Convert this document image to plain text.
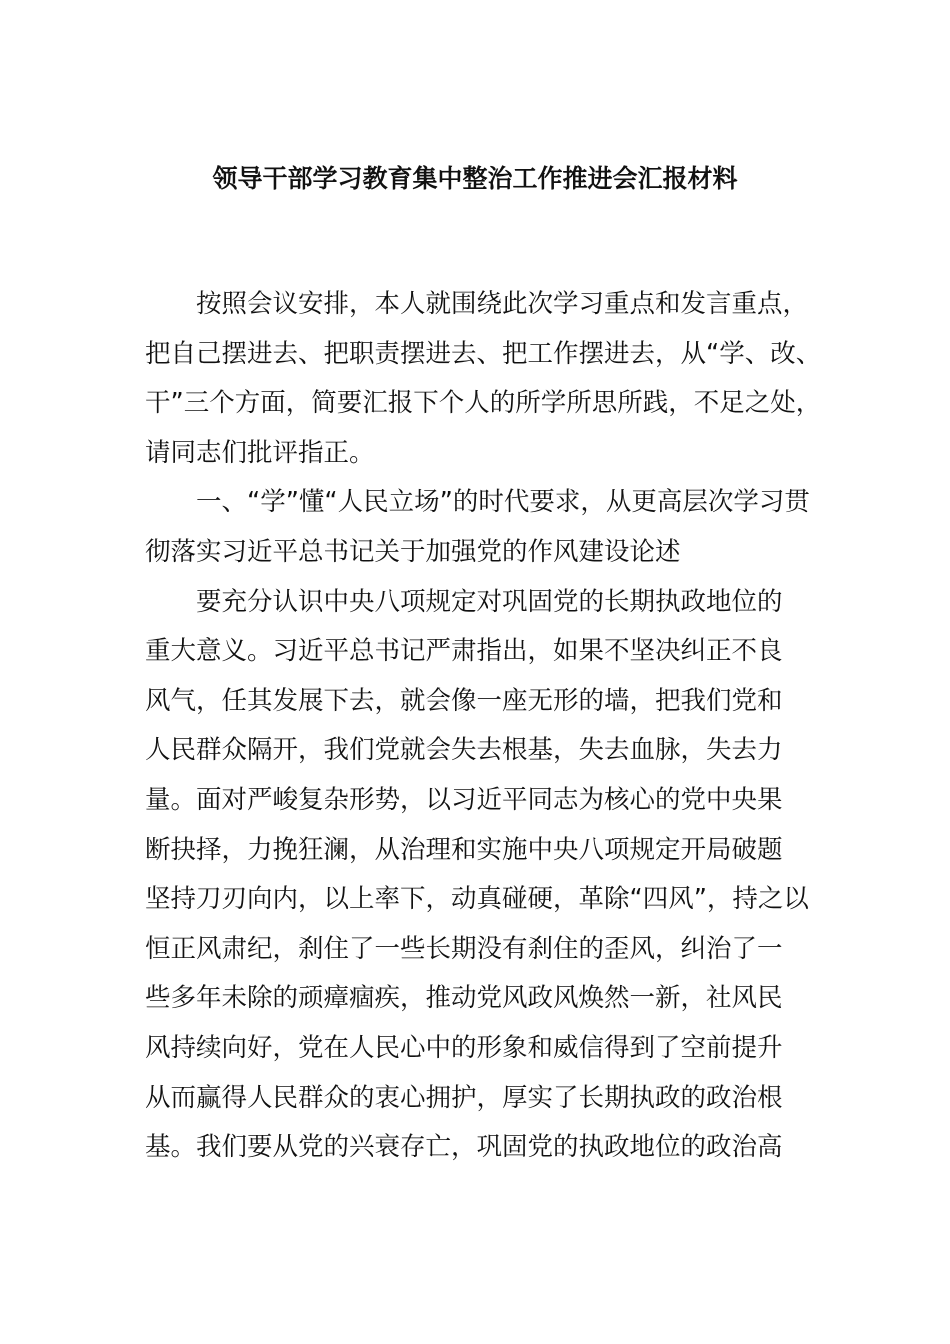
领导干部学习教育集中整治工作推进会汇报材料
按照会议安排，本人就围绕此次学习重点和发言重点，
把自己摆进去、把职责摆进去、把工作摆进去，从“学、改、
干”三个方面，简要汇报下个人的所学所思所践，不足之处，
请同志们批评指正。
一、“学”懂“人民立场”的时代要求，从更高层次学习贯
彻落实习近平总书记关于加强党的作风建设论述
要充分认识中央八项规定对巩固党的长期执政地位的
重大意义。习近平总书记严肃指出，如果不坚决纠正不良
风气，任其发展下去，就会像一座无形的墙，把我们党和
人民群众隔开，我们党就会失去根基，失去血脉，失去力
量。面对严峻复杂形势，以习近平同志为核心的党中央果
断抉择，力挽狂澜，从治理和实施中央八项规定开局破题
坚持刀刃向内，以上率下，动真碰硬，革除“四风”，持之以
恒正风肃纪，刹住了一些长期没有刹住的歪风，纠治了一
些多年未除的顽瘴痼疾，推动党风政风焕然一新，社风民
风持续向好，党在人民心中的形象和威信得到了空前提升
从而赢得人民群众的衷心拥护，厚实了长期执政的政治根
基。我们要从党的兴衰存亡，巩固党的执政地位的政治高
